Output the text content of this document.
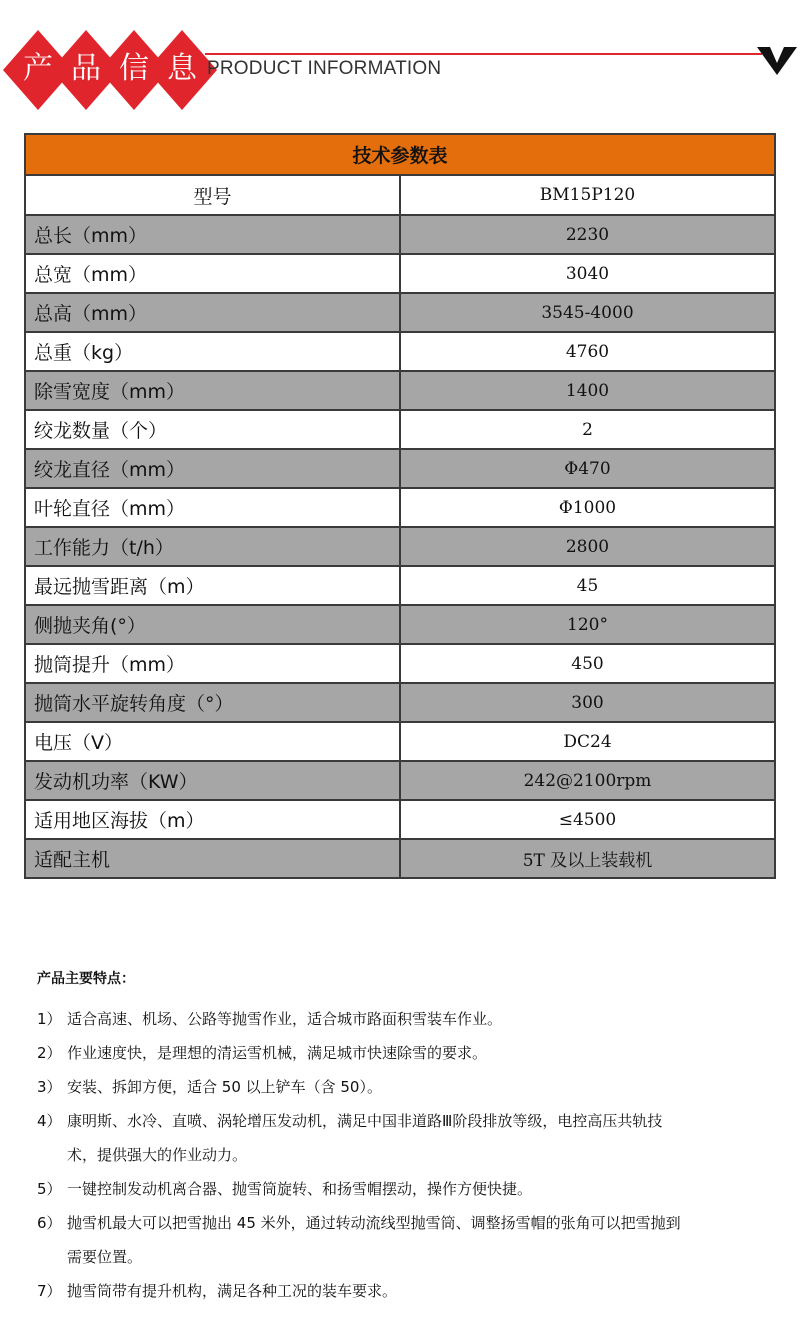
产 品 信 息 PRODUCT INFORMATION
技术参数表	
型号	BM15P120
总长（mm）	2230
总宽（mm）	3040
总高（mm）	3545-4000
总重（kg）	4760
除雪宽度（mm）	1400
绞龙数量（个）	2
绞龙直径（mm）	Φ470
叶轮直径（mm）	Φ1000
工作能力（t/h）	2800
最远抛雪距离（m）	45
侧抛夹角(°）	120°
抛筒提升（mm）	450
抛筒水平旋转角度（°）	300
电压（V）	DC24
发动机功率（KW）	242@2100rpm
适用地区海拔（m）	≤4500
适配主机	5T 及以上装载机
产品主要特点：
1） 适合高速、机场、公路等抛雪作业，适合城市路面积雪装车作业。
2） 作业速度快，是理想的清运雪机械，满足城市快速除雪的要求。
3） 安装、拆卸方便，适合 50 以上铲车（含 50）。
4） 康明斯、水冷、直喷、涡轮增压发动机，满足中国非道路Ⅲ阶段排放等级，电控高压共轨技
术，提供强大的作业动力。
5） 一键控制发动机离合器、抛雪筒旋转、和扬雪帽摆动，操作方便快捷。
6） 抛雪机最大可以把雪抛出 45 米外，通过转动流线型抛雪筒、调整扬雪帽的张角可以把雪抛到
需要位置。
7） 抛雪筒带有提升机构，满足各种工况的装车要求。
